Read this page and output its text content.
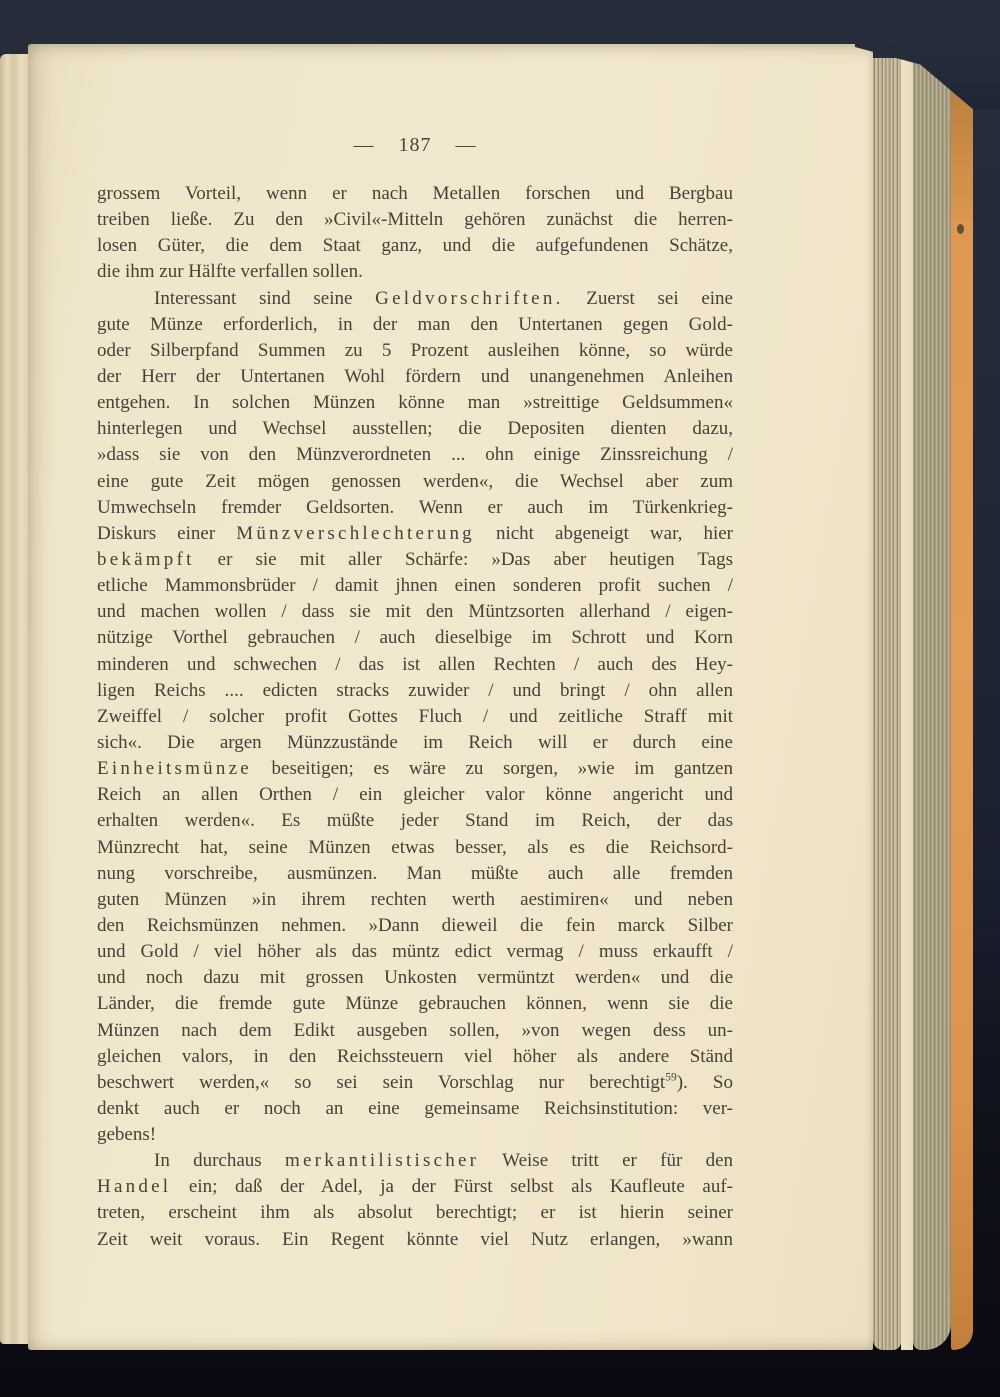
— 187 —
grossem Vorteil, wenn er nach Metallen forschen und Bergbau
treiben ließe. Zu den »Civil«-Mitteln gehören zunächst die herren-
losen Güter, die dem Staat ganz, und die aufgefundenen Schätze,
die ihm zur Hälfte verfallen sollen.
Interessant sind seine Geldvorschriften. Zuerst sei eine
gute Münze erforderlich, in der man den Untertanen gegen Gold-
oder Silberpfand Summen zu 5 Prozent ausleihen könne, so würde
der Herr der Untertanen Wohl fördern und unangenehmen Anleihen
entgehen. In solchen Münzen könne man »streittige Geldsummen«
hinterlegen und Wechsel ausstellen; die Depositen dienten dazu,
»dass sie von den Münzverordneten ... ohn einige Zinssreichung /
eine gute Zeit mögen genossen werden«, die Wechsel aber zum
Umwechseln fremder Geldsorten. Wenn er auch im Türkenkrieg-
Diskurs einer Münzverschlechterung nicht abgeneigt war, hier
bekämpft er sie mit aller Schärfe: »Das aber heutigen Tags
etliche Mammonsbrüder / damit jhnen einen sonderen profit suchen /
und machen wollen / dass sie mit den Müntzsorten allerhand / eigen-
nützige Vorthel gebrauchen / auch dieselbige im Schrott und Korn
minderen und schwechen / das ist allen Rechten / auch des Hey-
ligen Reichs .... edicten stracks zuwider / und bringt / ohn allen
Zweiffel / solcher profit Gottes Fluch / und zeitliche Straff mit
sich«. Die argen Münzzustände im Reich will er durch eine
Einheitsmünze beseitigen; es wäre zu sorgen, »wie im gantzen
Reich an allen Orthen / ein gleicher valor könne angericht und
erhalten werden«. Es müßte jeder Stand im Reich, der das
Münzrecht hat, seine Münzen etwas besser, als es die Reichsord-
nung vorschreibe, ausmünzen. Man müßte auch alle fremden
guten Münzen »in ihrem rechten werth aestimiren« und neben
den Reichsmünzen nehmen. »Dann dieweil die fein marck Silber
und Gold / viel höher als das müntz edict vermag / muss erkaufft /
und noch dazu mit grossen Unkosten vermüntzt werden« und die
Länder, die fremde gute Münze gebrauchen können, wenn sie die
Münzen nach dem Edikt ausgeben sollen, »von wegen dess un-
gleichen valors, in den Reichssteuern viel höher als andere Ständ
beschwert werden,« so sei sein Vorschlag nur berechtigt$^{59}$). So
denkt auch er noch an eine gemeinsame Reichsinstitution: ver-
gebens!
In durchaus merkantilistischer Weise tritt er für den
Handel ein; daß der Adel, ja der Fürst selbst als Kaufleute auf-
treten, erscheint ihm als absolut berechtigt; er ist hierin seiner
Zeit weit voraus. Ein Regent könnte viel Nutz erlangen, »wann
